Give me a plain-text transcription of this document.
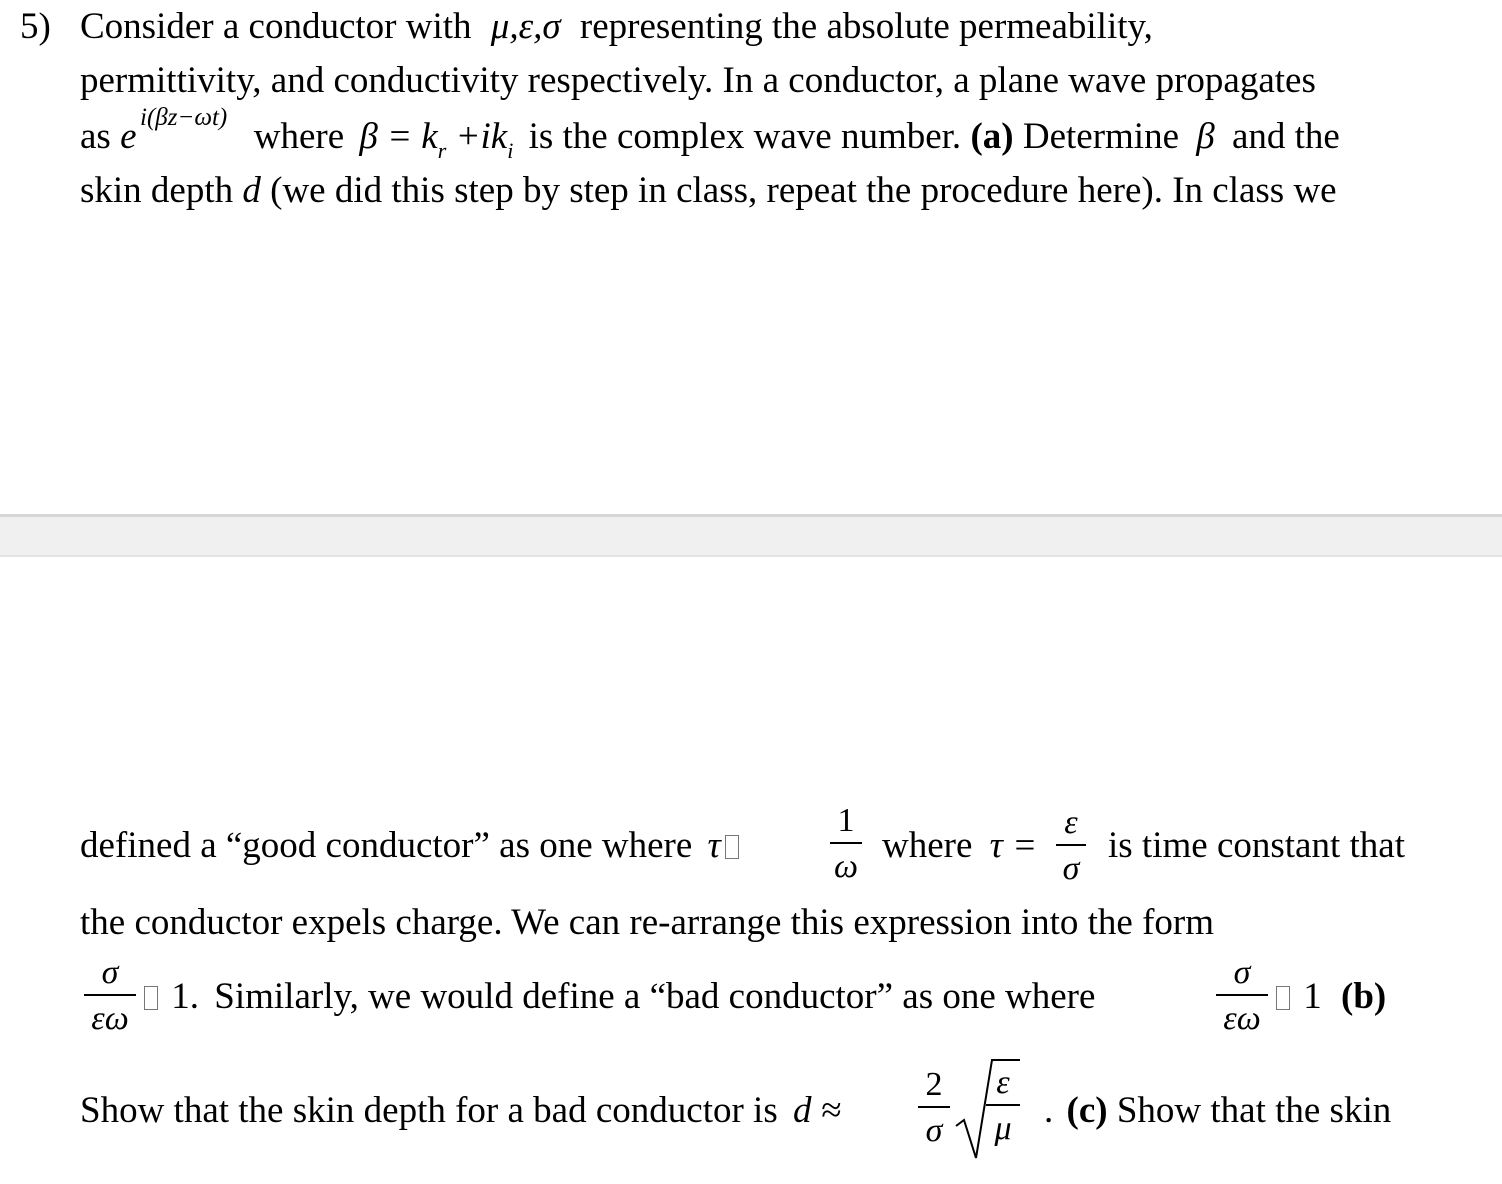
5) Consider a conductor with μ,ε,σ representing the absolute permeability,
permittivity, and conductivity respectively. In a conductor, a plane wave propagates
i(βz−ωt)
as e	where $\beta = k_r +ik_i$ is the complex wave number. (a) Determine β and the
skin depth d (we did this step by step in class, repeat the procedure here). In class we
defined a “good conductor” as one where τ
1
ω
where τ =
ε
σ
is time constant that
the conductor expels charge. We can re-arrange this expression into the form
σ
εω
1. Similarly, we would define a “bad conductor” as one where
σ
εω
1 (b)
Show that the skin depth for a bad conductor is d ≈
2
σ
ε
μ . (c) Show that the skin
